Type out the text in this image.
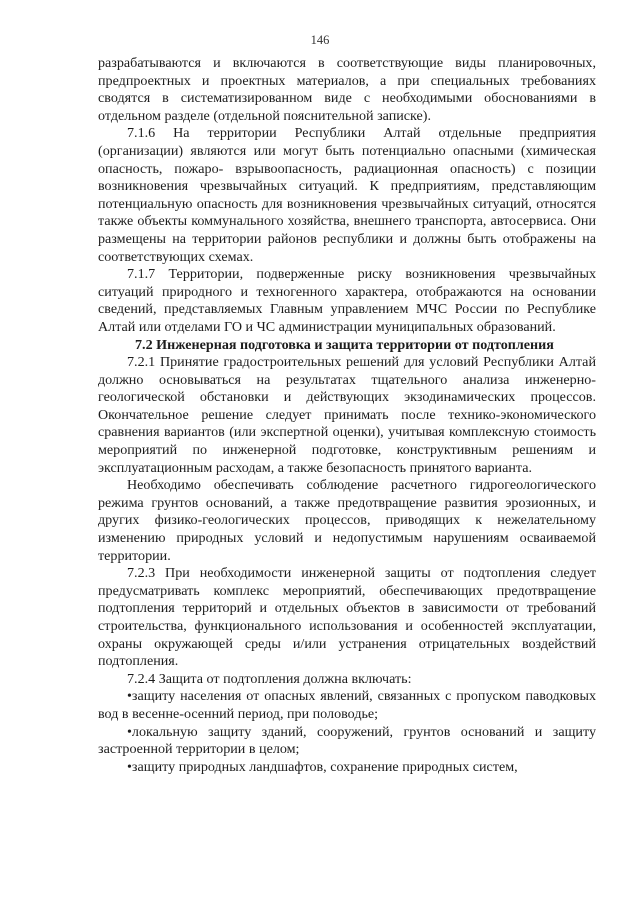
146

разрабатываются и включаются в соответствующие виды планировочных, предпроектных и проектных материалов, а при специальных требованиях сводятся в систематизированном виде с необходимыми обоснованиями в отдельном разделе (отдельной пояснительной записке).

7.1.6 На территории Республики Алтай отдельные предприятия (организации) являются или могут быть потенциально опасными (химическая опасность, пожаро- взрывоопасность, радиационная опасность) с позиции возникновения чрезвычайных ситуаций. К предприятиям, представляющим потенциальную опасность для возникновения чрезвычайных ситуаций, относятся также объекты коммунального хозяйства, внешнего транспорта, автосервиса. Они размещены на территории районов республики и должны быть отображены на соответствующих схемах.

7.1.7 Территории, подверженные риску возникновения чрезвычайных ситуаций природного и техногенного характера, отображаются на основании сведений, представляемых Главным управлением МЧС России по Республике Алтай или отделами ГО и ЧС администрации муниципальных образований.

7.2 Инженерная подготовка и защита территории от подтопления

7.2.1 Принятие градостроительных решений для условий Республики Алтай должно основываться на результатах тщательного анализа инженерно-геологической обстановки и действующих экзодинамических процессов. Окончательное решение следует принимать после технико-экономического сравнения вариантов (или экспертной оценки), учитывая комплексную стоимость мероприятий по инженерной подготовке, конструктивным решениям и эксплуатационным расходам, а также безопасность принятого варианта.

Необходимо обеспечивать соблюдение расчетного гидрогеологического режима грунтов оснований, а также предотвращение развития эрозионных, и других физико-геологических процессов, приводящих к нежелательному изменению природных условий и недопустимым нарушениям осваиваемой территории.

7.2.3 При необходимости инженерной защиты от подтопления следует предусматривать комплекс мероприятий, обеспечивающих предотвращение подтопления территорий и отдельных объектов в зависимости от требований строительства, функционального использования и особенностей эксплуатации, охраны окружающей среды и/или устранения отрицательных воздействий подтопления.

7.2.4 Защита от подтопления должна включать:

•защиту населения от опасных явлений, связанных с пропуском паводковых вод в весенне-осенний период, при половодье;

•локальную защиту зданий, сооружений, грунтов оснований и защиту застроенной территории в целом;

•защиту природных ландшафтов, сохранение природных систем,
